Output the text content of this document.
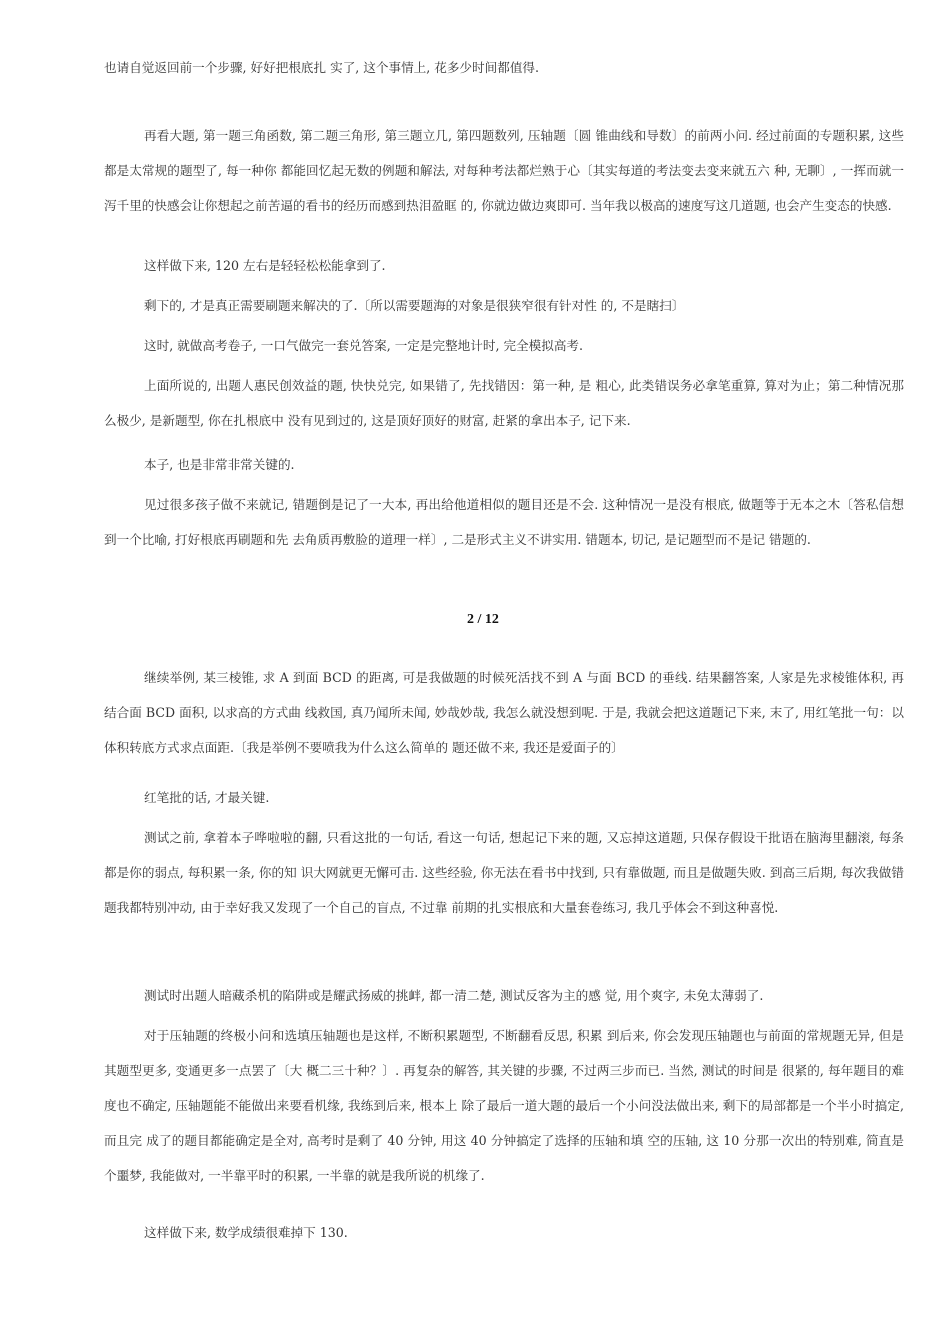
也请自觉返回前一个步骤, 好好把根底扎 实了, 这个事情上, 花多少时间都值得.

再看大题, 第一题三角函数, 第二题三角形, 第三题立几, 第四题数列, 压轴题〔圆 锥曲线和导数〕的前两小问. 经过前面的专题积累, 这些都是太常规的题型了, 每一种你 都能回忆起无数的例题和解法, 对每种考法都烂熟于心〔其实每道的考法变去变来就五六 种, 无聊〕, 一挥而就一泻千里的快感会让你想起之前苦逼的看书的经历而感到热泪盈眶 的, 你就边做边爽即可. 当年我以极高的速度写这几道题, 也会产生变态的快感.

这样做下来, 120 左右是轻轻松松能拿到了.

剩下的, 才是真正需要刷题来解决的了.〔所以需要题海的对象是很狭窄很有针对性 的, 不是瞎扫〕

这时, 就做高考卷子, 一口气做完一套兑答案, 一定是完整地计时, 完全模拟高考.

上面所说的, 出题人惠民创效益的题, 快快兑完, 如果错了, 先找错因：第一种, 是 粗心, 此类错误务必拿笔重算, 算对为止；第二种情况那么极少, 是新题型, 你在扎根底中 没有见到过的, 这是顶好顶好的财富, 赶紧的拿出本子, 记下来.

本子, 也是非常非常关键的.

见过很多孩子做不来就记, 错题倒是记了一大本, 再出给他道相似的题目还是不会. 这种情况一是没有根底, 做题等于无本之木〔答私信想到一个比喻, 打好根底再刷题和先 去角质再敷脸的道理一样〕, 二是形式主义不讲实用. 错题本, 切记, 是记题型而不是记 错题的.

2 / 12

继续举例, 某三棱锥, 求 A 到面 BCD 的距离, 可是我做题的时候死活找不到 A 与面 BCD 的垂线. 结果翻答案, 人家是先求棱锥体积, 再结合面 BCD 面积, 以求高的方式曲 线救国, 真乃闻所未闻, 妙哉妙哉, 我怎么就没想到呢. 于是, 我就会把这道题记下来, 末了, 用红笔批一句：以体积转底方式求点面距.〔我是举例不要喷我为什么这么简单的 题还做不来, 我还是爱面子的〕

红笔批的话, 才最关键.

测试之前, 拿着本子哗啦啦的翻, 只看这批的一句话, 看这一句话, 想起记下来的题, 又忘掉这道题, 只保存假设干批语在脑海里翻滚, 每条都是你的弱点, 每积累一条, 你的知 识大网就更无懈可击. 这些经验, 你无法在看书中找到, 只有靠做题, 而且是做题失败. 到高三后期, 每次我做错题我都特别冲动, 由于幸好我又发现了一个自己的盲点, 不过靠 前期的扎实根底和大量套卷练习, 我几乎体会不到这种喜悦.

测试时出题人暗藏杀机的陷阱或是耀武扬威的挑衅, 都一清二楚, 测试反客为主的感 觉, 用个爽字, 未免太薄弱了.

对于压轴题的终极小问和选填压轴题也是这样, 不断积累题型, 不断翻看反思, 积累 到后来, 你会发现压轴题也与前面的常规题无异, 但是其题型更多, 变通更多一点罢了〔大 概二三十种？〕. 再复杂的解答, 其关键的步骤, 不过两三步而已. 当然, 测试的时间是 很紧的, 每年题目的难度也不确定, 压轴题能不能做出来要看机缘, 我练到后来, 根本上 除了最后一道大题的最后一个小问没法做出来, 剩下的局部都是一个半小时搞定, 而且完 成了的题目都能确定是全对, 高考时是剩了 40 分钟, 用这 40 分钟搞定了选择的压轴和填 空的压轴, 这 10 分那一次出的特别难, 简直是个噩梦, 我能做对, 一半靠平时的积累, 一半靠的就是我所说的机缘了.

这样做下来, 数学成绩很难掉下 130.
